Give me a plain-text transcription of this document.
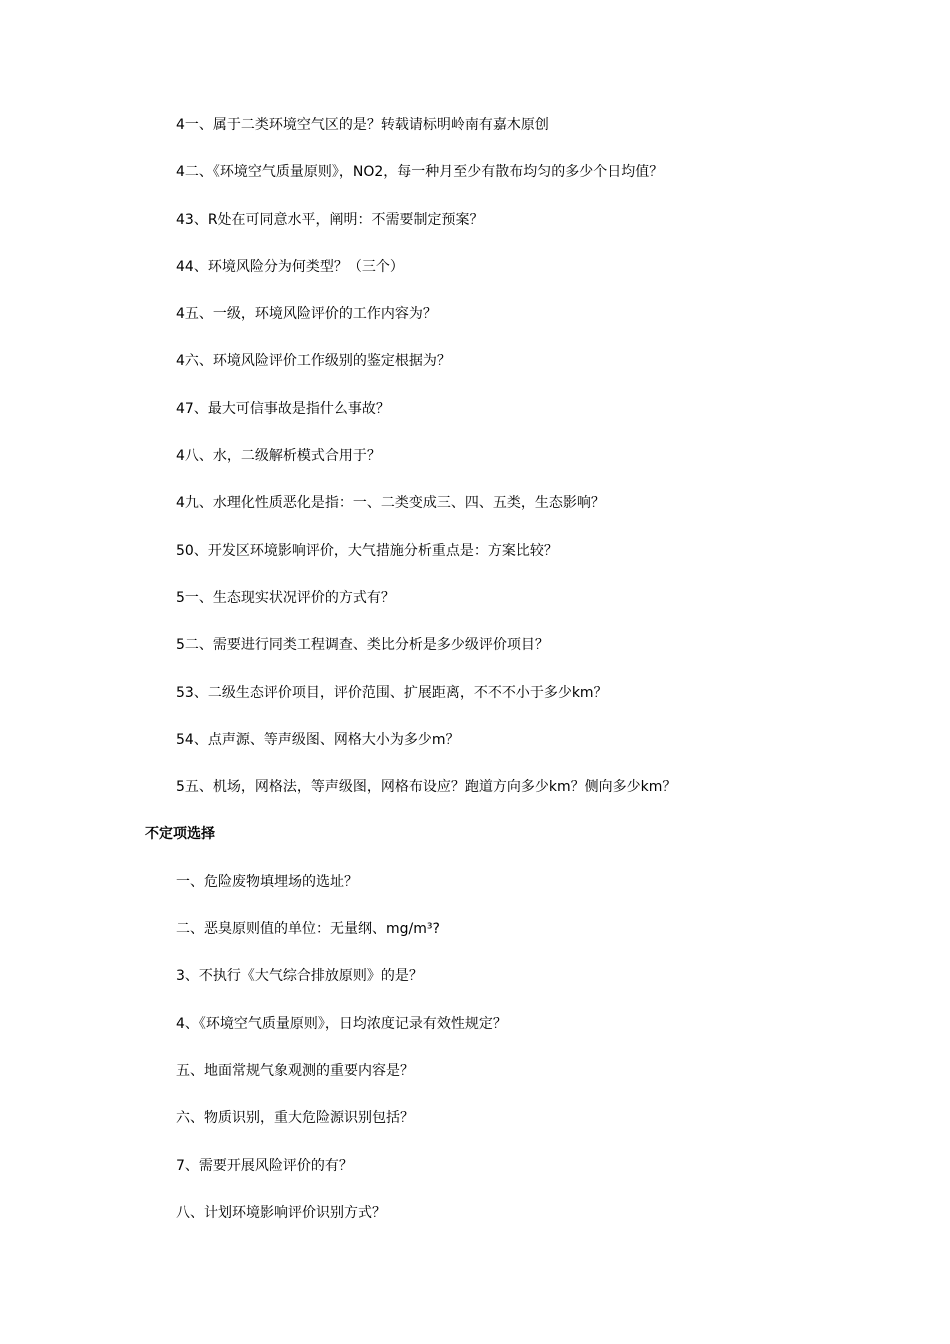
4一、属于二类环境空气区的是？转载请标明岭南有嘉木原创
4二、《环境空气质量原则》，NO2，每一种月至少有散布均匀的多少个日均值？
43、R处在可同意水平，阐明：不需要制定预案？
44、环境风险分为何类型？（三个）
4五、一级，环境风险评价的工作内容为？
4六、环境风险评价工作级别的鉴定根据为？
47、最大可信事故是指什么事故？
4八、水，二级解析模式合用于？
4九、水理化性质恶化是指：一、二类变成三、四、五类，生态影响？
50、开发区环境影响评价，大气措施分析重点是：方案比较？
5一、生态现实状况评价的方式有？
5二、需要进行同类工程调查、类比分析是多少级评价项目？
53、二级生态评价项目，评价范围、扩展距离，不不不小于多少km？
54、点声源、等声级图、网格大小为多少m？
5五、机场，网格法，等声级图，网格布设应？跑道方向多少km？侧向多少km？
不定项选择
一、危险废物填埋场的选址？
二、恶臭原则值的单位：无量纲、mg/m³?
3、不执行《大气综合排放原则》的是？
4、《环境空气质量原则》，日均浓度记录有效性规定？
五、地面常规气象观测的重要内容是？
六、物质识别，重大危险源识别包括？
7、需要开展风险评价的有？
八、计划环境影响评价识别方式？
